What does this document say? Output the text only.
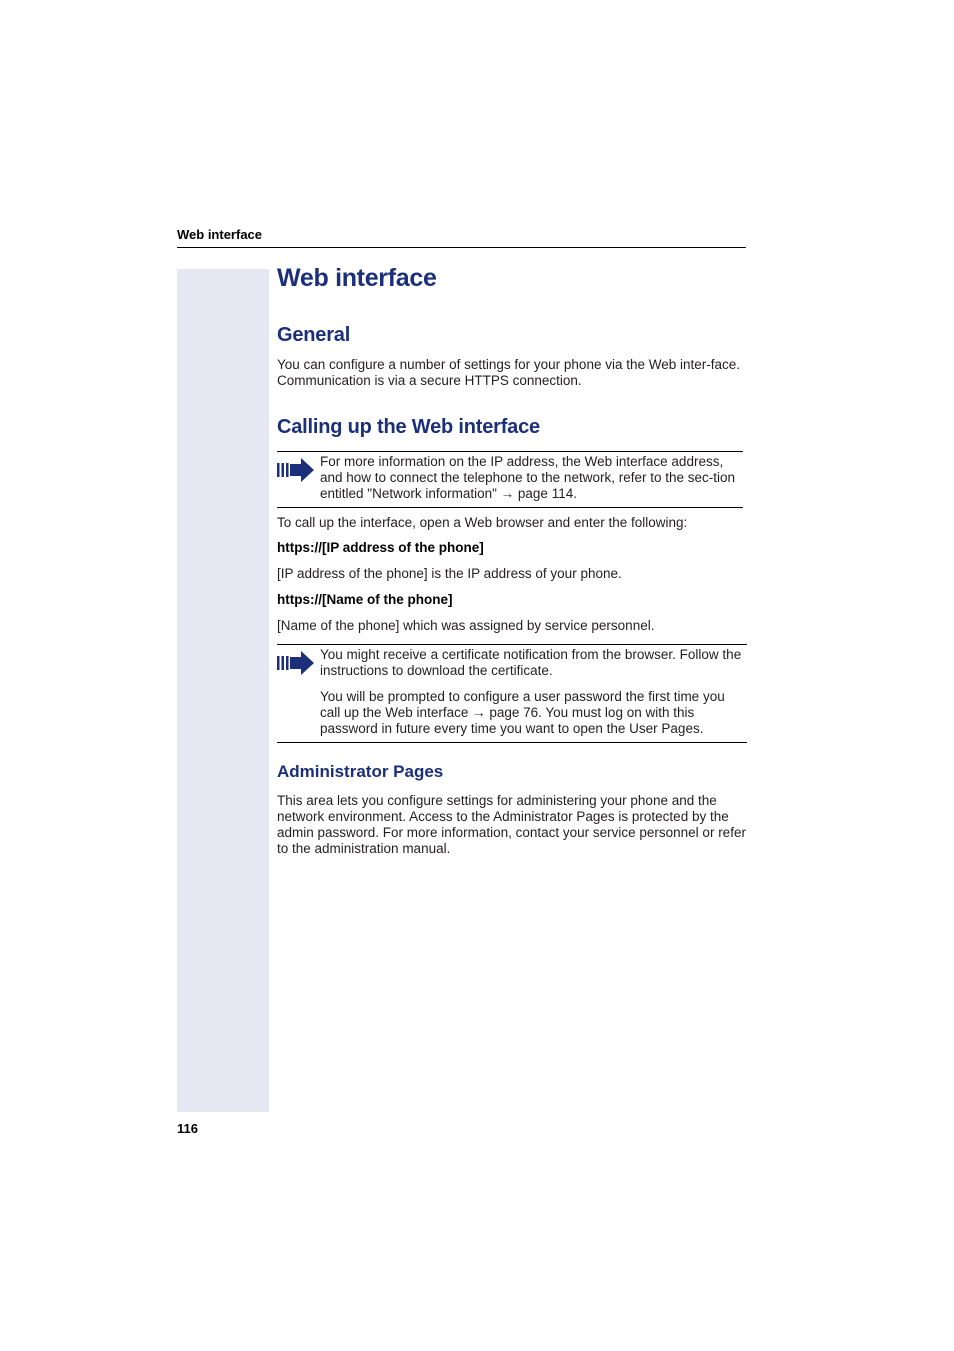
Web interface
Web interface
General

You can configure a number of settings for your phone via the Web inter-face. Communication is via a secure HTTPS connection.

Calling up the Web interface

For more information on the IP address, the Web interface address, and how to connect the telephone to the network, refer to the sec-tion entitled "Network information" → page 114.

To call up the interface, open a Web browser and enter the following:

https://[IP address of the phone]

[IP address of the phone] is the IP address of your phone.

https://[Name of the phone]

[Name of the phone] which was assigned by service personnel.

You might receive a certificate notification from the browser. Follow the instructions to download the certificate.

You will be prompted to configure a user password the first time you call up the Web interface → page 76. You must log on with this password in future every time you want to open the User Pages.

Administrator Pages

This area lets you configure settings for administering your phone and the network environment. Access to the Administrator Pages is protected by the admin password. For more information, contact your service personnel or refer to the administration manual.

116
